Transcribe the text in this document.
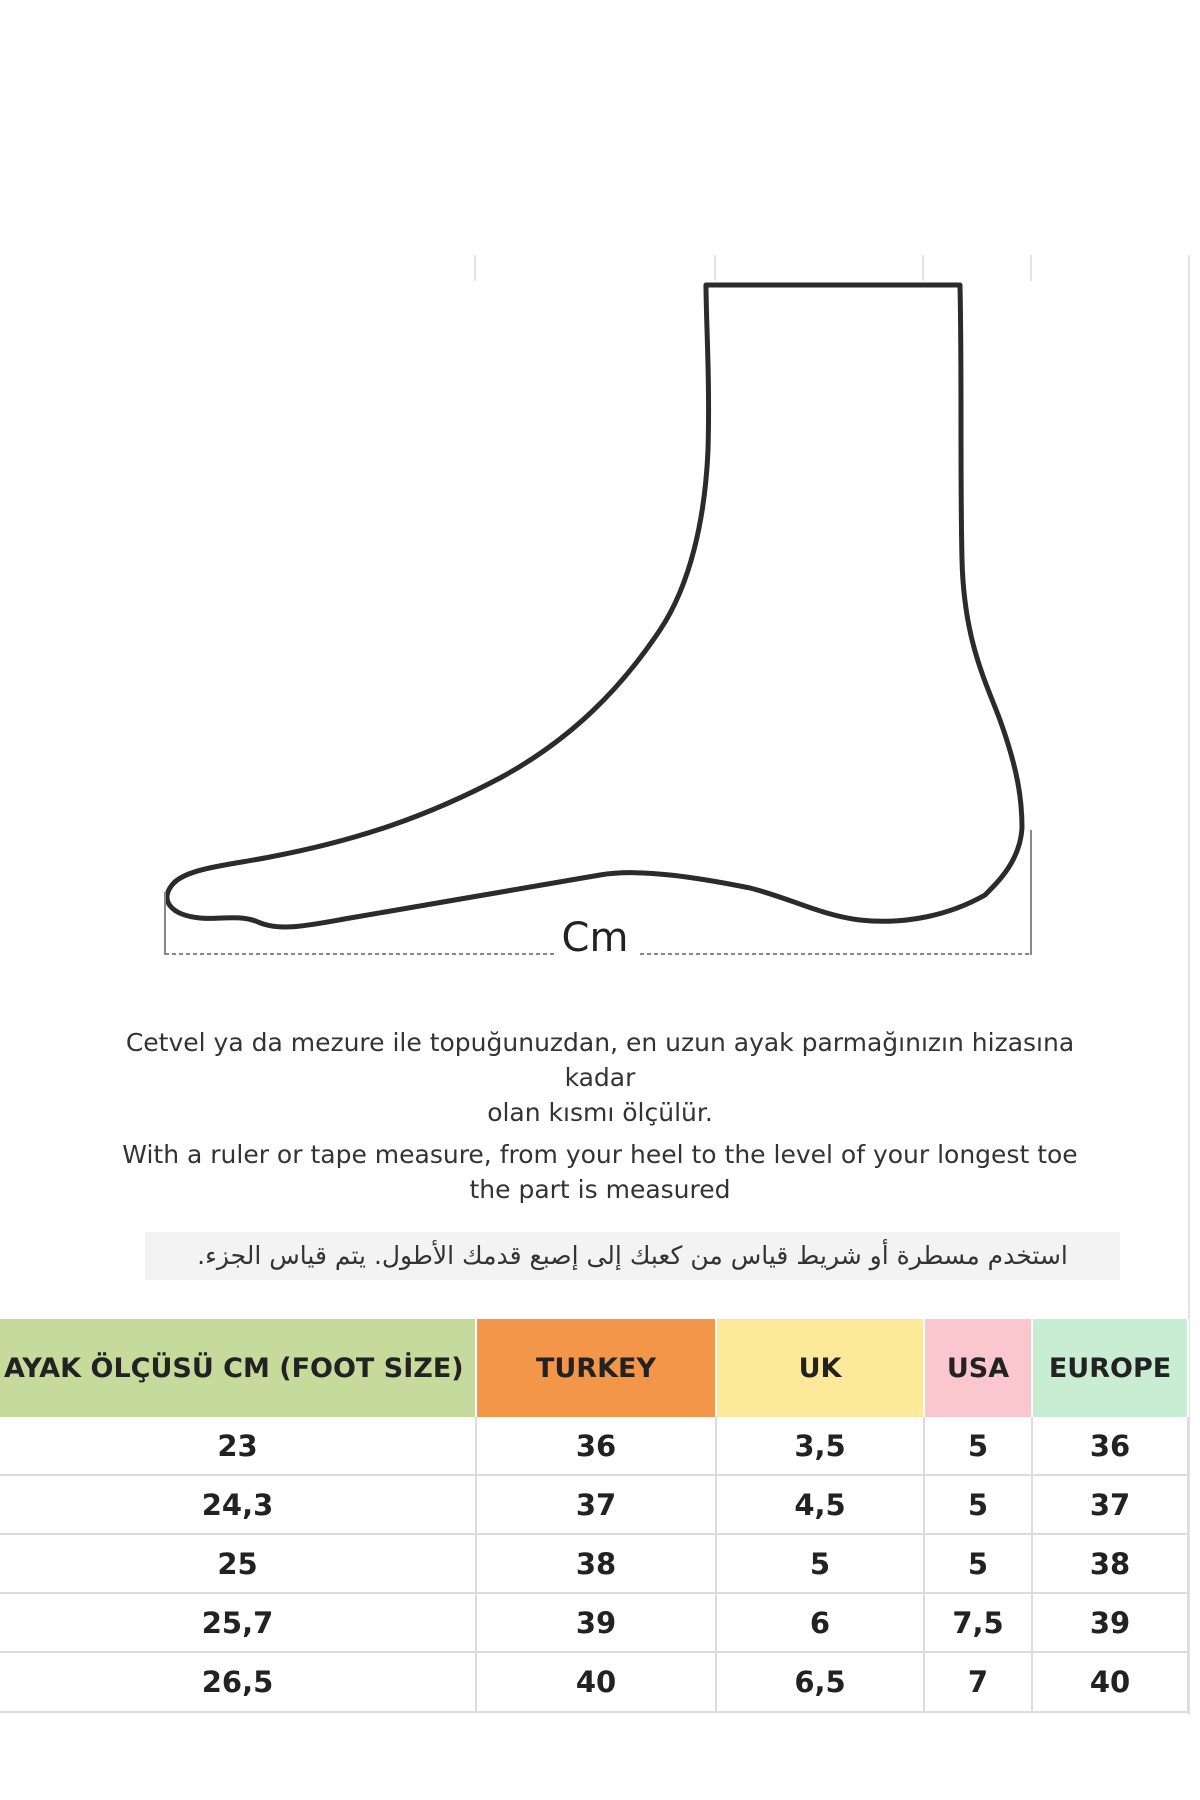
Cm
Cetvel ya da mezure ile topuğunuzdan, en uzun ayak parmağınızın hizasına kadar
olan kısmı ölçülür.
With a ruler or tape measure, from your heel to the level of your longest toe
the part is measured
استخدم مسطرة أو شريط قياس من كعبك إلى إصبع قدمك الأطول. يتم قياس الجزء.
AYAK ÖLÇÜSÜ CM (FOOT SİZE)	TURKEY	UK	USA	EUROPE
23	36	3,5	5	36
24,3	37	4,5	5	37
25	38	5	5	38
25,7	39	6	7,5	39
26,5	40	6,5	7	40
